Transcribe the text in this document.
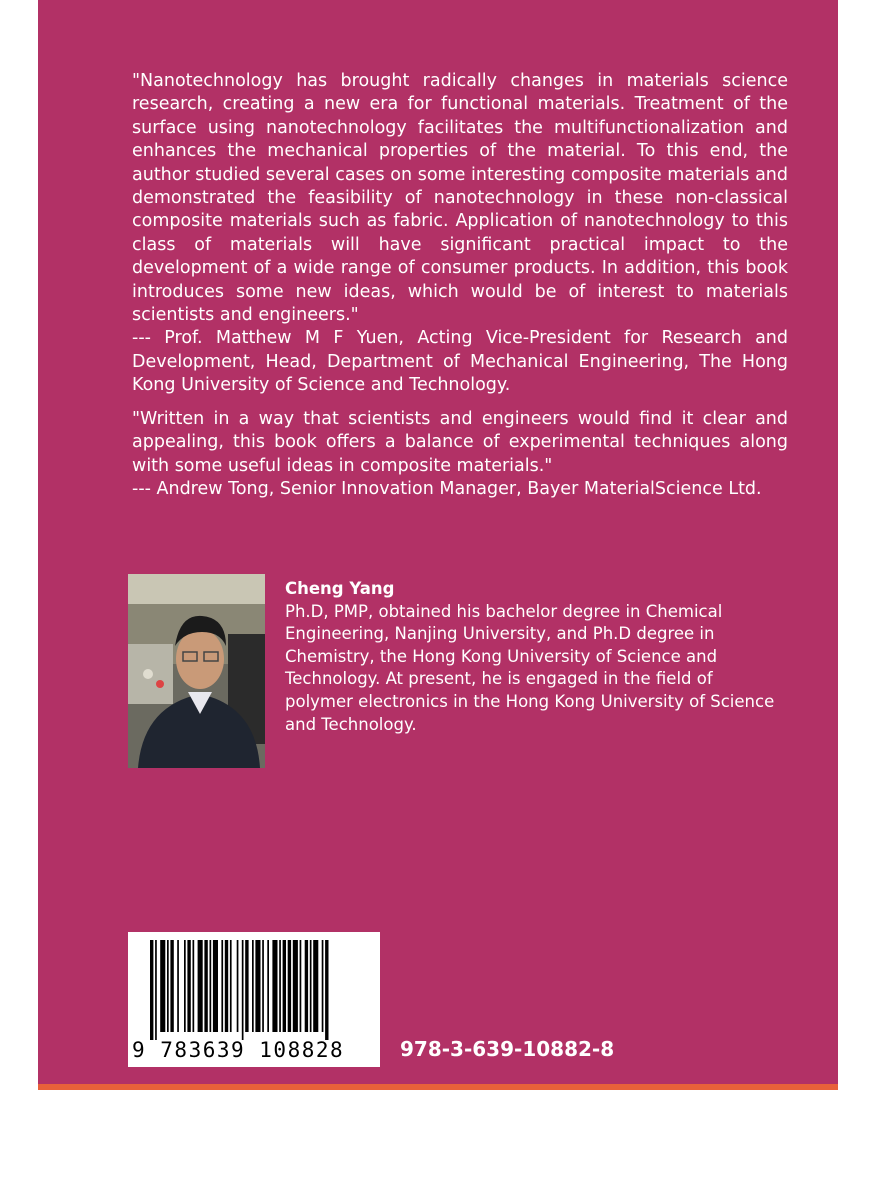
"Nanotechnology has brought radically changes in materials science research, creating a new era for functional materials. Treatment of the surface using nanotechnology facilitates the multifunctionalization and enhances the mechanical properties of the material. To this end, the author studied several cases on some interesting composite materials and demonstrated the feasibility of nanotechnology in these non-classical composite materials such as fabric. Application of nanotechnology to this class of materials will have significant practical impact to the development of a wide range of consumer products. In addition, this book introduces some new ideas, which would be of interest to materials scientists and engineers."

--- Prof. Matthew M F Yuen, Acting Vice-President for Research and Development, Head, Department of Mechanical Engineering, The Hong Kong University of Science and Technology.

"Written in a way that scientists and engineers would find it clear and appealing, this book offers a balance of experimental techniques along with some useful ideas in composite materials."

--- Andrew Tong, Senior Innovation Manager, Bayer MaterialScience Ltd.

Cheng Yang
Ph.D, PMP, obtained his bachelor degree in Chemical Engineering, Nanjing University, and Ph.D degree in Chemistry, the Hong Kong University of Science and Technology. At present, he is engaged in the field of polymer electronics in the Hong Kong University of Science and Technology.
9 783639 108828	978-3-639-10882-8
